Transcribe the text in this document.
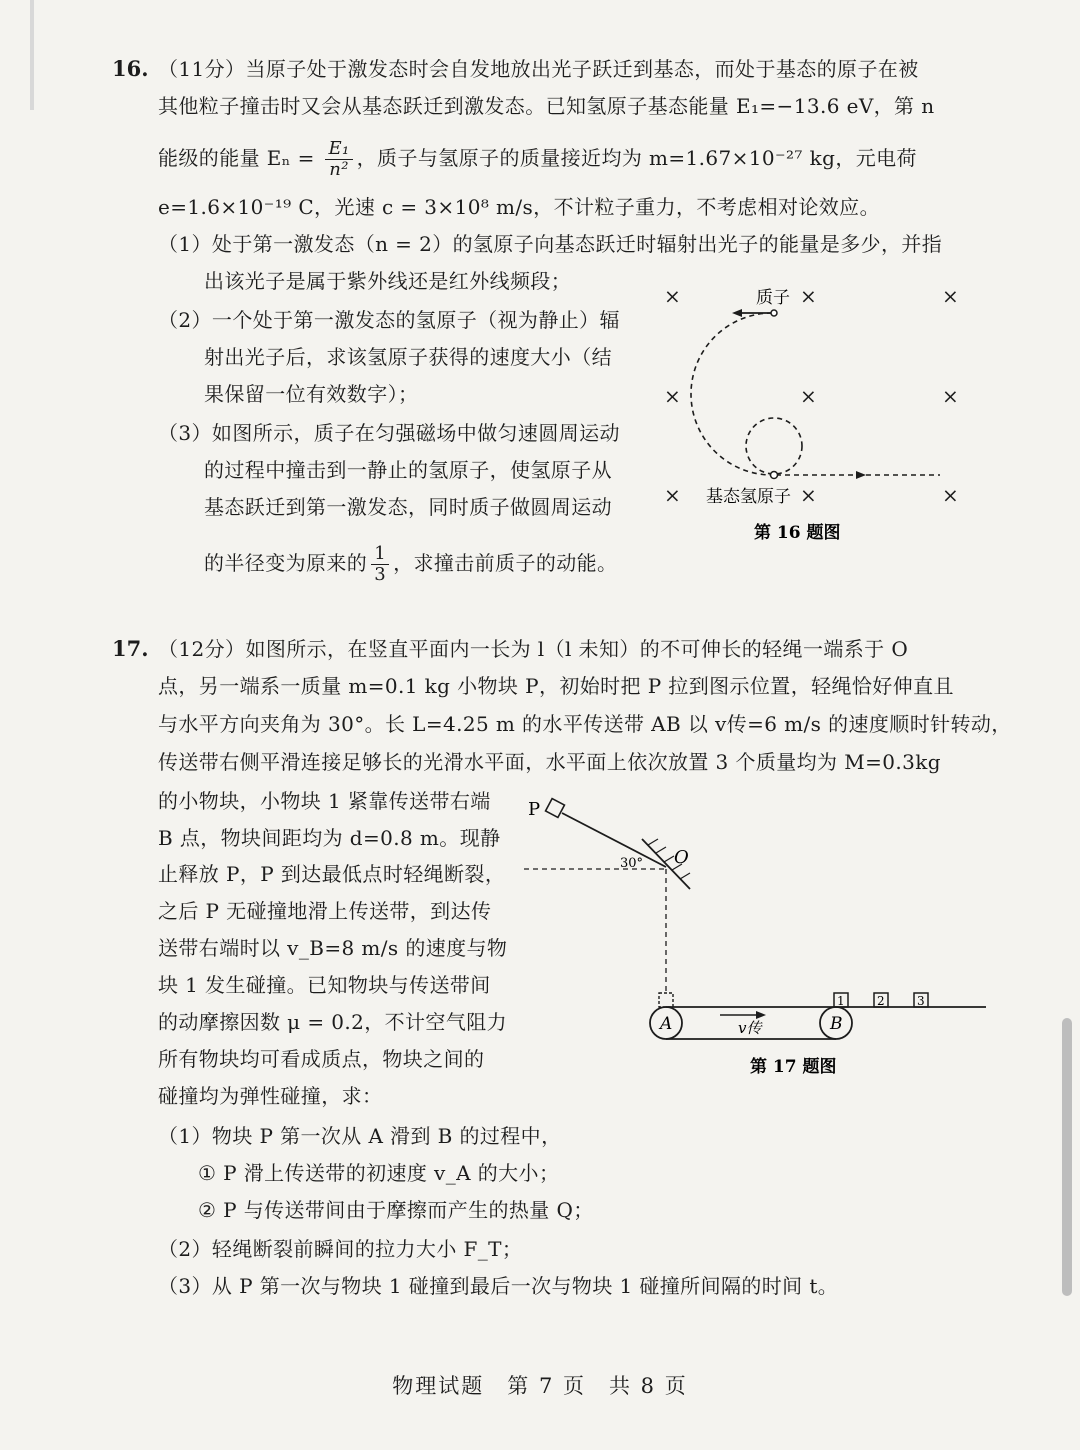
16. （11分）当原子处于激发态时会自发地放出光子跃迁到基态，而处于基态的原子在被
其他粒子撞击时又会从基态跃迁到激发态。已知氢原子基态能量 E₁=−13.6 eV，第 n
能级的能量 $E_n = \frac{\text{E₁}}{\text{n²}}$ ，质子与氢原子的质量接近均为 m=1.67×10⁻²⁷ kg，元电荷
e=1.6×10⁻¹⁹ C，光速 c = 3×10⁸ m/s，不计粒子重力，不考虑相对论效应。
（1）处于第一激发态（n = 2）的氢原子向基态跃迁时辐射出光子的能量是多少，并指
出该光子是属于紫外线还是红外线频段；
（2）一个处于第一激发态的氢原子（视为静止）辐
射出光子后，求该氢原子获得的速度大小（结
果保留一位有效数字）；
（3）如图所示，质子在匀强磁场中做匀速圆周运动
的过程中撞击到一静止的氢原子，使氢原子从
基态跃迁到第一激发态，同时质子做圆周运动
的半径变为原来的 $\frac{1}{3}$ ，求撞击前质子的动能。
×	×	×
×	×	×
×	×	×
质子
基态氢原子
第 16 题图
17. （12分）如图所示，在竖直平面内一长为 l（l 未知）的不可伸长的轻绳一端系于 O
点，另一端系一质量 m=0.1 kg 小物块 P，初始时把 P 拉到图示位置，轻绳恰好伸直且
与水平方向夹角为 30°。长 L=4.25 m 的水平传送带 AB 以 v传=6 m/s 的速度顺时针转动，
传送带右侧平滑连接足够长的光滑水平面，水平面上依次放置 3 个质量均为 M=0.3kg
的小物块，小物块 1 紧靠传送带右端
B 点，物块间距均为 d=0.8 m。现静
止释放 P，P 到达最低点时轻绳断裂，
之后 P 无碰撞地滑上传送带，到达传
送带右端时以 v_B=8 m/s 的速度与物
块 1 发生碰撞。已知物块与传送带间
的动摩擦因数 μ = 0.2，不计空气阻力
所有物块均可看成质点，物块之间的
碰撞均为弹性碰撞，求：
（1）物块 P 第一次从 A 滑到 B 的过程中，
① P 滑上传送带的初速度 v_A 的大小；
② P 与传送带间由于摩擦而产生的热量 Q；
（2）轻绳断裂前瞬间的拉力大小 F_T；
（3）从 P 第一次与物块 1 碰撞到最后一次与物块 1 碰撞所间隔的时间 t。
P
O
30°
A	B
v传
1	2	3
第 17 题图
物理试题　第 7 页　共 8 页
